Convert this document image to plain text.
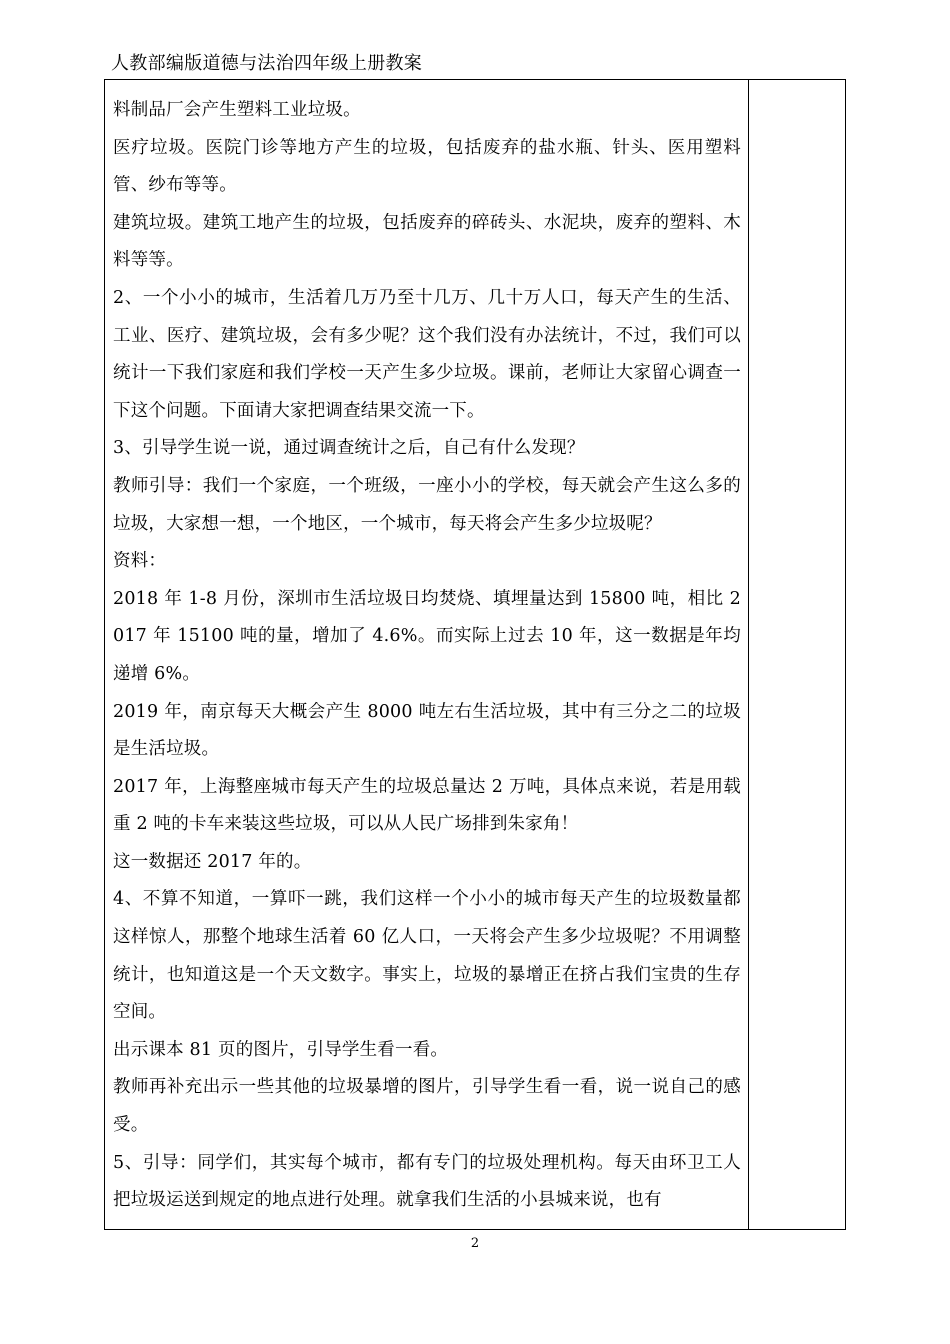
人教部编版道德与法治四年级上册教案

料制品厂会产生塑料工业垃圾。

医疗垃圾。医院门诊等地方产生的垃圾，包括废弃的盐水瓶、针头、医用塑料管、纱布等等。

建筑垃圾。建筑工地产生的垃圾，包括废弃的碎砖头、水泥块，废弃的塑料、木料等等。

2、一个小小的城市，生活着几万乃至十几万、几十万人口，每天产生的生活、工业、医疗、建筑垃圾，会有多少呢？这个我们没有办法统计，不过，我们可以统计一下我们家庭和我们学校一天产生多少垃圾。课前，老师让大家留心调查一下这个问题。下面请大家把调查结果交流一下。

3、引导学生说一说，通过调查统计之后，自己有什么发现？

教师引导：我们一个家庭，一个班级，一座小小的学校，每天就会产生这么多的垃圾，大家想一想，一个地区，一个城市，每天将会产生多少垃圾呢？

资料：

2018 年 1-8 月份，深圳市生活垃圾日均焚烧、填埋量达到 15800 吨，相比 2017 年 15100 吨的量，增加了 4.6%。而实际上过去 10 年，这一数据是年均递增 6%。

2019 年，南京每天大概会产生 8000 吨左右生活垃圾，其中有三分之二的垃圾是生活垃圾。

2017 年，上海整座城市每天产生的垃圾总量达 2 万吨，具体点来说，若是用载重 2 吨的卡车来装这些垃圾，可以从人民广场排到朱家角！

这一数据还 2017 年的。

4、不算不知道，一算吓一跳，我们这样一个小小的城市每天产生的垃圾数量都这样惊人，那整个地球生活着 60 亿人口，一天将会产生多少垃圾呢？不用调整统计，也知道这是一个天文数字。事实上，垃圾的暴增正在挤占我们宝贵的生存空间。

出示课本 81 页的图片，引导学生看一看。

教师再补充出示一些其他的垃圾暴增的图片，引导学生看一看，说一说自己的感受。

5、引导：同学们，其实每个城市，都有专门的垃圾处理机构。每天由环卫工人把垃圾运送到规定的地点进行处理。就拿我们生活的小县城来说，也有

2
